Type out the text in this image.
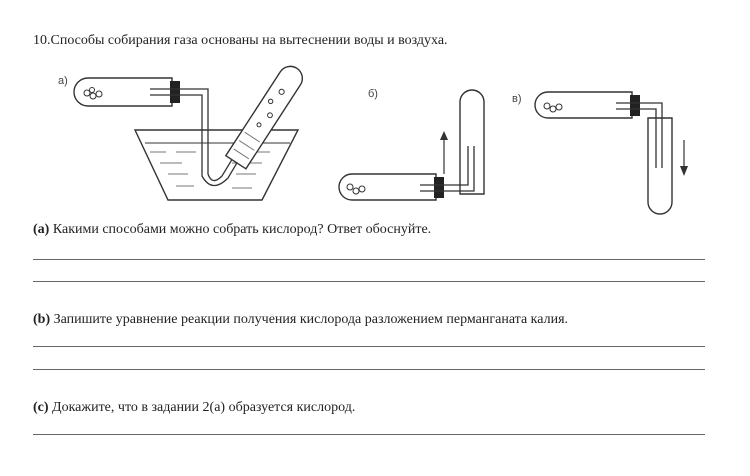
10.Способы собирания газа основаны на вытеснении воды и воздуха.
а)
б)	в)
(a) Какими способами можно собрать кислород? Ответ обоснуйте.
(b) Запишите уравнение реакции получения кислорода разложением перманганата калия.
(c) Докажите, что в задании 2(а) образуется кислород.
